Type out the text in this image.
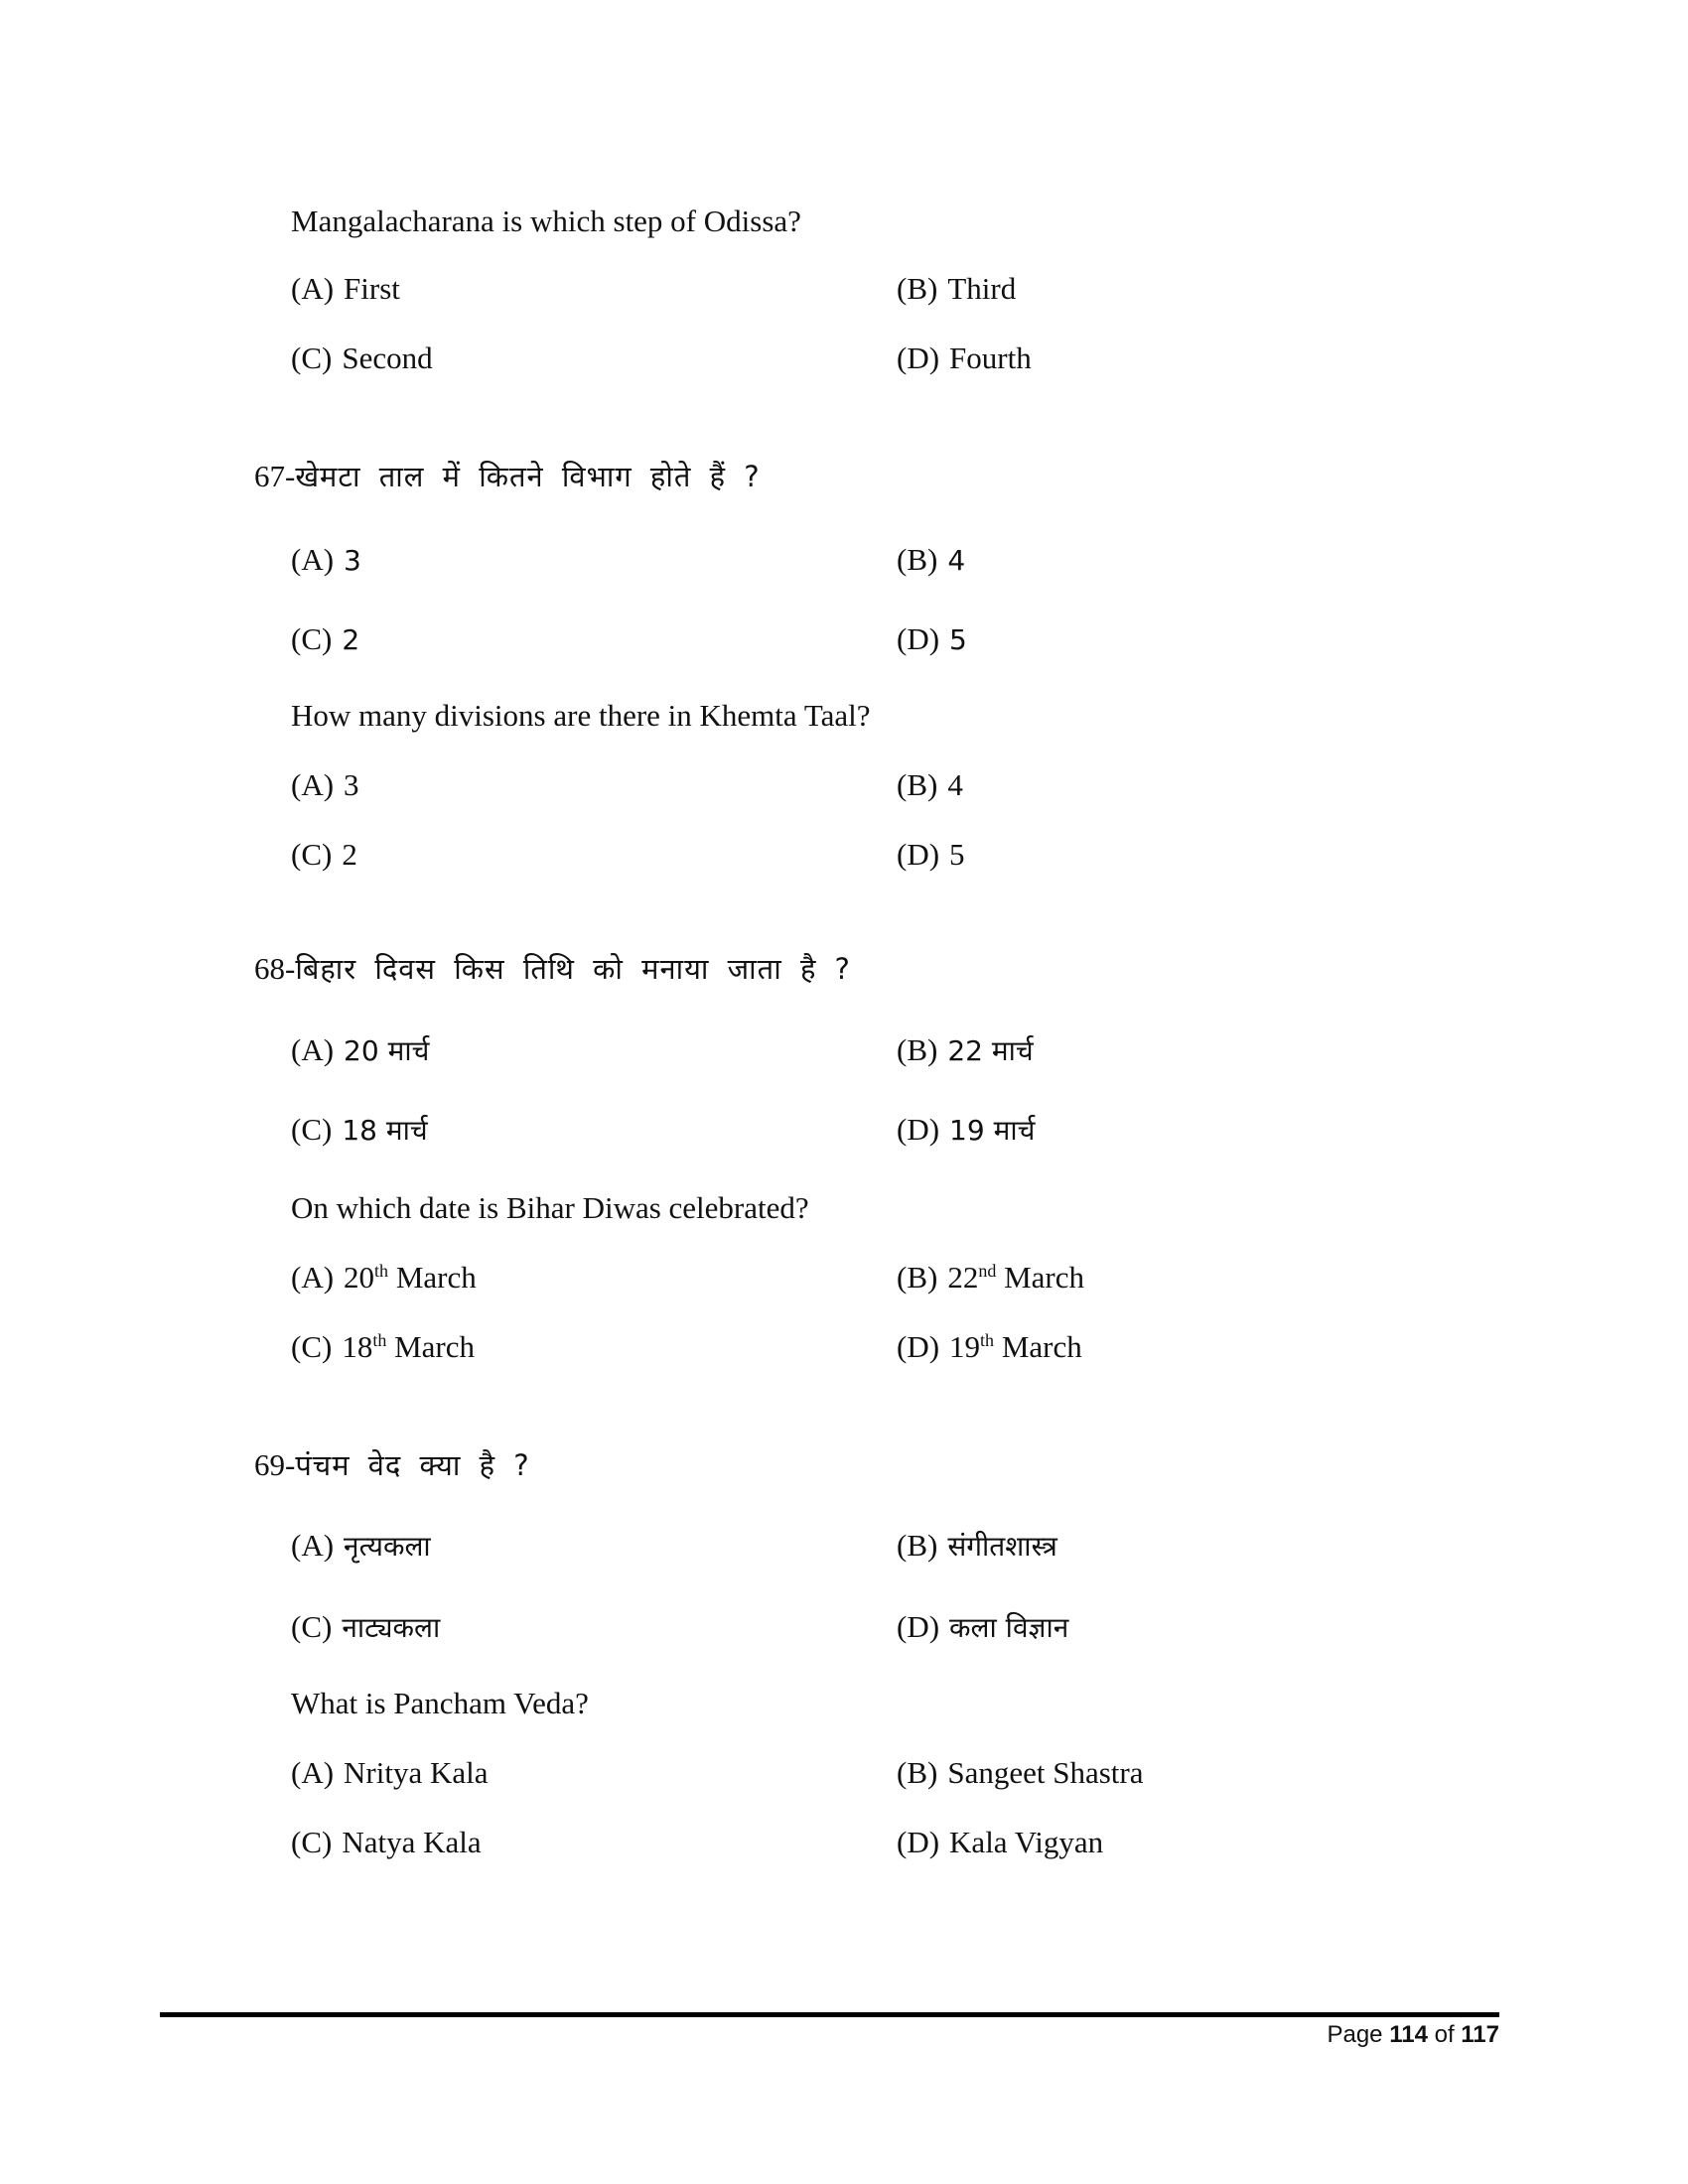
Mangalacharana is which step of Odissa?
(A) First	(B) Third
(C) Second	(D) Fourth
67-खेमटा ताल में कितने विभाग होते हैं ?
(A) 3	(B) 4
(C) 2	(D) 5
How many divisions are there in Khemta Taal?
(A) 3	(B) 4
(C) 2	(D) 5
68-बिहार दिवस किस तिथि को मनाया जाता है ?
(A) 20 मार्च	(B) 22 मार्च
(C) 18 मार्च	(D) 19 मार्च
On which date is Bihar Diwas celebrated?
(A) 20th March	(B) 22nd March
(C) 18th March	(D) 19th March
69-पंचम वेद क्या है ?
(A) नृत्यकला	(B) संगीतशास्त्र
(C) नाट्यकला	(D) कला विज्ञान
What is Pancham Veda?
(A) Nritya Kala	(B) Sangeet Shastra
(C) Natya Kala	(D) Kala Vigyan
Page 114 of 117
